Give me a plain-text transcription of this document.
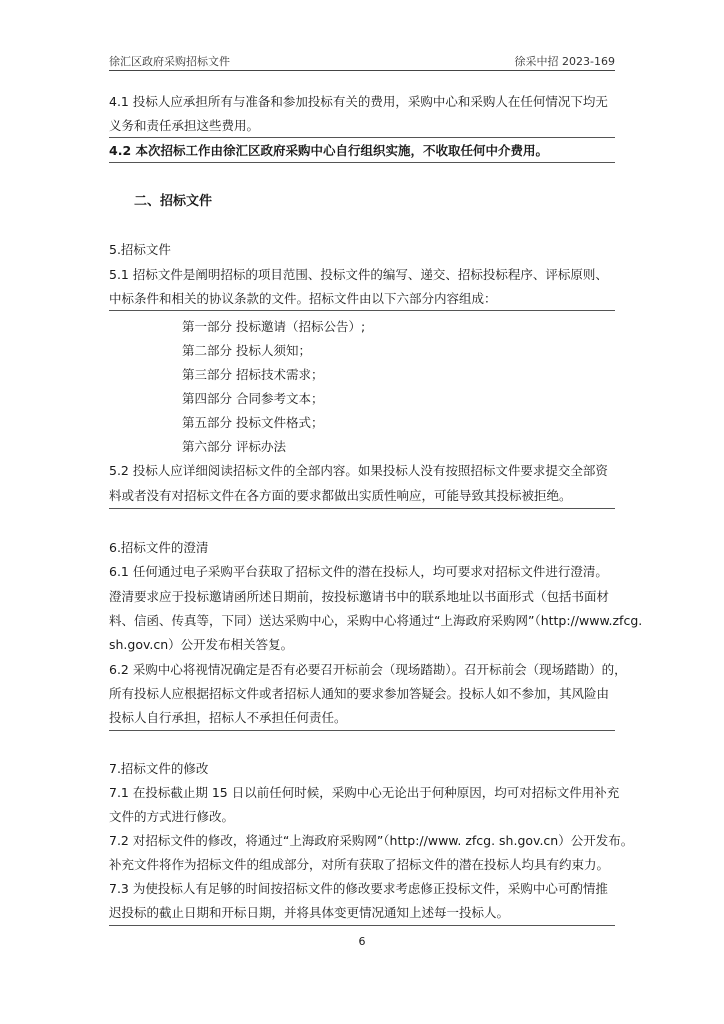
徐汇区政府采购招标文件	徐采中招 2023-169
4.1 投标人应承担所有与准备和参加投标有关的费用，采购中心和采购人在任何情况下均无
义务和责任承担这些费用。
4.2 本次招标工作由徐汇区政府采购中心自行组织实施，不收取任何中介费用。
二、招标文件
5.招标文件
5.1 招标文件是阐明招标的项目范围、投标文件的编写、递交、招标投标程序、评标原则、
中标条件和相关的协议条款的文件。招标文件由以下六部分内容组成：
第一部分 投标邀请（招标公告）;
第二部分 投标人须知；
第三部分 招标技术需求；
第四部分 合同参考文本；
第五部分 投标文件格式；
第六部分 评标办法
5.2 投标人应详细阅读招标文件的全部内容。如果投标人没有按照招标文件要求提交全部资
料或者没有对招标文件在各方面的要求都做出实质性响应，可能导致其投标被拒绝。
6.招标文件的澄清
6.1 任何通过电子采购平台获取了招标文件的潜在投标人，均可要求对招标文件进行澄清。
澄清要求应于投标邀请函所述日期前，按投标邀请书中的联系地址以书面形式（包括书面材
料、信函、传真等，下同）送达采购中心，采购中心将通过“上海政府采购网”（http://www.zfcg.
sh.gov.cn）公开发布相关答复。
6.2 采购中心将视情况确定是否有必要召开标前会（现场踏勘）。召开标前会（现场踏勘）的，
所有投标人应根据招标文件或者招标人通知的要求参加答疑会。投标人如不参加，其风险由
投标人自行承担，招标人不承担任何责任。
7.招标文件的修改
7.1 在投标截止期 15 日以前任何时候，采购中心无论出于何种原因，均可对招标文件用补充
文件的方式进行修改。
7.2 对招标文件的修改，将通过“上海政府采购网”（http://www. zfcg. sh.gov.cn）公开发布。
补充文件将作为招标文件的组成部分，对所有获取了招标文件的潜在投标人均具有约束力。
7.3 为使投标人有足够的时间按招标文件的修改要求考虑修正投标文件，采购中心可酌情推
迟投标的截止日期和开标日期，并将具体变更情况通知上述每一投标人。
6
